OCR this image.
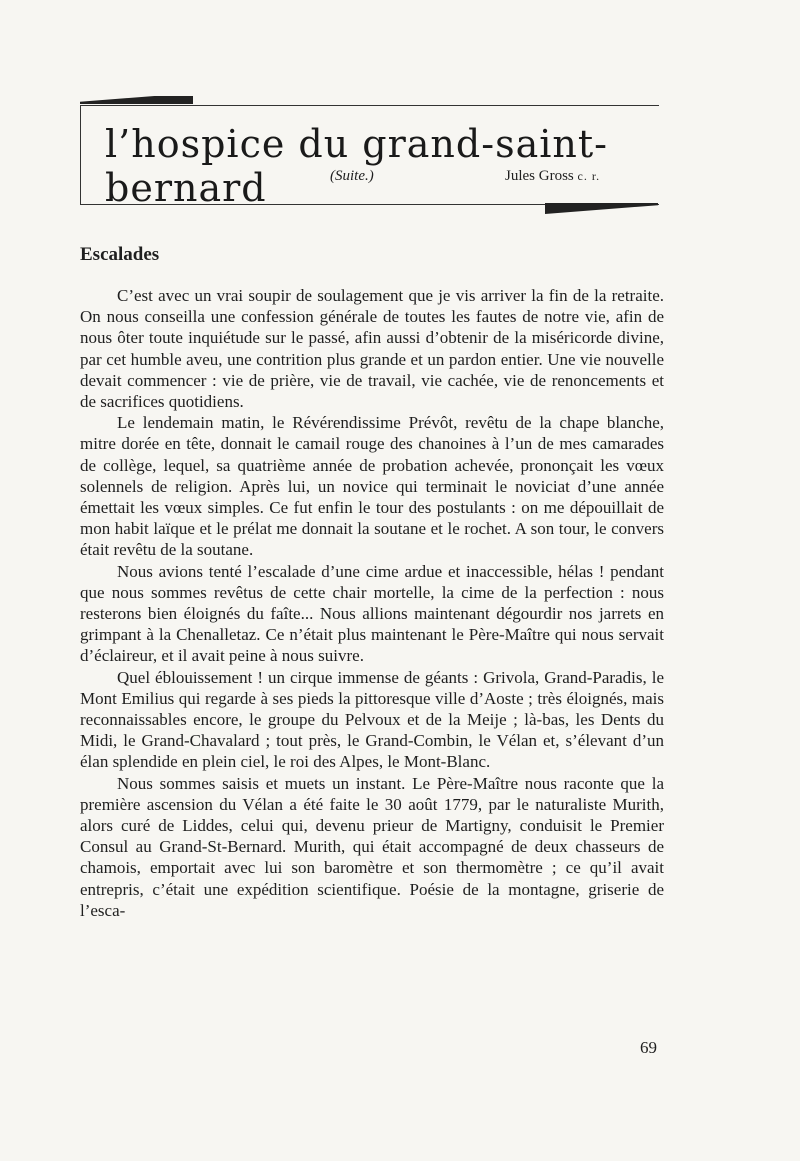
l’hospice du grand-saint-bernard	(Suite.)	Jules Gross c. r.
Escalades

C’est avec un vrai soupir de soulagement que je vis arriver la fin de la retraite. On nous conseilla une confession générale de toutes les fautes de notre vie, afin de nous ôter toute inquiétude sur le passé, afin aussi d’obtenir de la miséricorde divine, par cet humble aveu, une contrition plus grande et un pardon entier. Une vie nouvelle devait commencer : vie de prière, vie de travail, vie cachée, vie de renoncements et de sacrifices quotidiens.

Le lendemain matin, le Révérendissime Prévôt, revêtu de la chape blanche, mitre dorée en tête, donnait le camail rouge des chanoines à l’un de mes camarades de collège, lequel, sa quatrième année de probation achevée, prononçait les vœux solennels de religion. Après lui, un novice qui terminait le noviciat d’une année émettait les vœux simples. Ce fut enfin le tour des postulants : on me dépouillait de mon habit laïque et le prélat me donnait la soutane et le rochet. A son tour, le convers était revêtu de la soutane.

Nous avions tenté l’escalade d’une cime ardue et inaccessible, hélas ! pendant que nous sommes revêtus de cette chair mortelle, la cime de la perfection : nous resterons bien éloignés du faîte... Nous allions maintenant dégourdir nos jarrets en grimpant à la Chenalletaz. Ce n’était plus maintenant le Père-Maître qui nous servait d’éclaireur, et il avait peine à nous suivre.

Quel éblouissement ! un cirque immense de géants : Grivola, Grand-Paradis, le Mont Emilius qui regarde à ses pieds la pittoresque ville d’Aoste ; très éloignés, mais reconnaissables encore, le groupe du Pelvoux et de la Meije ; là-bas, les Dents du Midi, le Grand-Chavalard ; tout près, le Grand-Combin, le Vélan et, s’élevant d’un élan splendide en plein ciel, le roi des Alpes, le Mont-Blanc.

Nous sommes saisis et muets un instant. Le Père-Maître nous raconte que la première ascension du Vélan a été faite le 30 août 1779, par le naturaliste Murith, alors curé de Liddes, celui qui, devenu prieur de Martigny, conduisit le Premier Consul au Grand-St-Bernard. Murith, qui était accompagné de deux chasseurs de chamois, emportait avec lui son baromètre et son thermomètre ; ce qu’il avait entrepris, c’était une expédition scientifique. Poésie de la montagne, griserie de l’esca-

69
